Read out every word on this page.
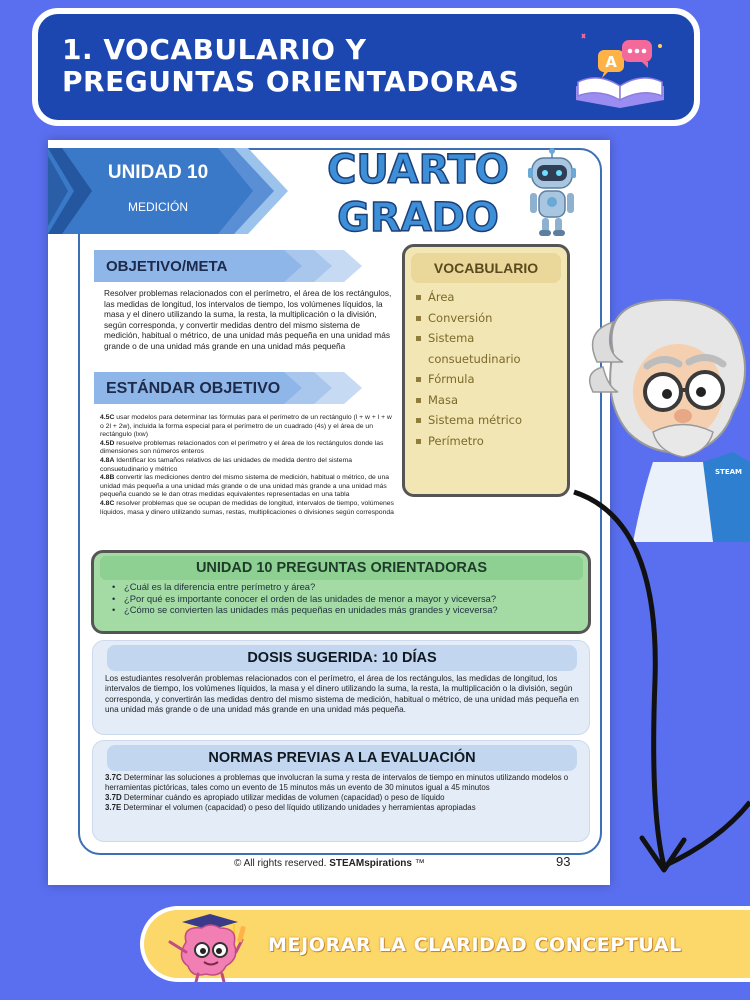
1. VOCABULARIO Y
PREGUNTAS ORIENTADORAS
A
UNIDAD 10
MEDICIÓN
CUARTO
GRADO
OBJETIVO/META
Resolver problemas relacionados con el perímetro, el área de los rectángulos, las medidas de longitud, los intervalos de tiempo, los volúmenes líquidos, la masa y el dinero utilizando la suma, la resta, la multiplicación o la división, según corresponda, y convertir medidas dentro del mismo sistema de medición, habitual o métrico, de una unidad más pequeña en una unidad más grande o de una unidad más grande en una unidad más pequeña
ESTÁNDAR OBJETIVO
4.5C usar modelos para determinar las fórmulas para el perímetro de un rectángulo (l + w + l + w o 2l + 2w), incluida la forma especial para el perímetro de un cuadrado (4s) y el área de un rectángulo (lxw)
4.5D resuelve problemas relacionados con el perímetro y el área de los rectángulos donde las dimensiones son números enteros
4.8A Identificar los tamaños relativos de las unidades de medida dentro del sistema consuetudinario y métrico
4.8B convertir las mediciones dentro del mismo sistema de medición, habitual o métrico, de una unidad más pequeña a una unidad más grande o de una unidad más grande a una unidad más pequeña cuando se le dan otras medidas equivalentes representadas en una tabla
4.8C resolver problemas que se ocupan de medidas de longitud, intervalos de tiempo, volúmenes líquidos, masa y dinero utilizando sumas, restas, multiplicaciones o divisiones según corresponda
VOCABULARIO
Área
Conversión
Sistema
consuetudinario
Fórmula
Masa
Sistema métrico
Perímetro
UNIDAD 10 PREGUNTAS ORIENTADORAS
• ¿Cuál es la diferencia entre perímetro y área?
• ¿Por qué es importante conocer el orden de las unidades de menor a mayor y viceversa?
• ¿Cómo se convierten las unidades más pequeñas en unidades más grandes y viceversa?
DOSIS SUGERIDA: 10 DÍAS
Los estudiantes resolverán problemas relacionados con el perímetro, el área de los rectángulos, las medidas de longitud, los intervalos de tiempo, los volúmenes líquidos, la masa y el dinero utilizando la suma, la resta, la multiplicación o la división, según corresponda, y convertirán las medidas dentro del mismo sistema de medición, habitual o métrico, de una unidad más pequeña en una unidad más grande o de una unidad más grande en una unidad más pequeña.
NORMAS PREVIAS A LA EVALUACIÓN
3.7C Determinar las soluciones a problemas que involucran la suma y resta de intervalos de tiempo en minutos utilizando modelos o herramientas pictóricas, tales como un evento de 15 minutos más un evento de 30 minutos igual a 45 minutos
3.7D Determinar cuándo es apropiado utilizar medidas de volumen (capacidad) o peso de líquido
3.7E Determinar el volumen (capacidad) o peso del líquido utilizando unidades y herramientas apropiadas
© All rights reserved. STEAMspirations ™	93
STEAM
MEJORAR LA CLARIDAD CONCEPTUAL
